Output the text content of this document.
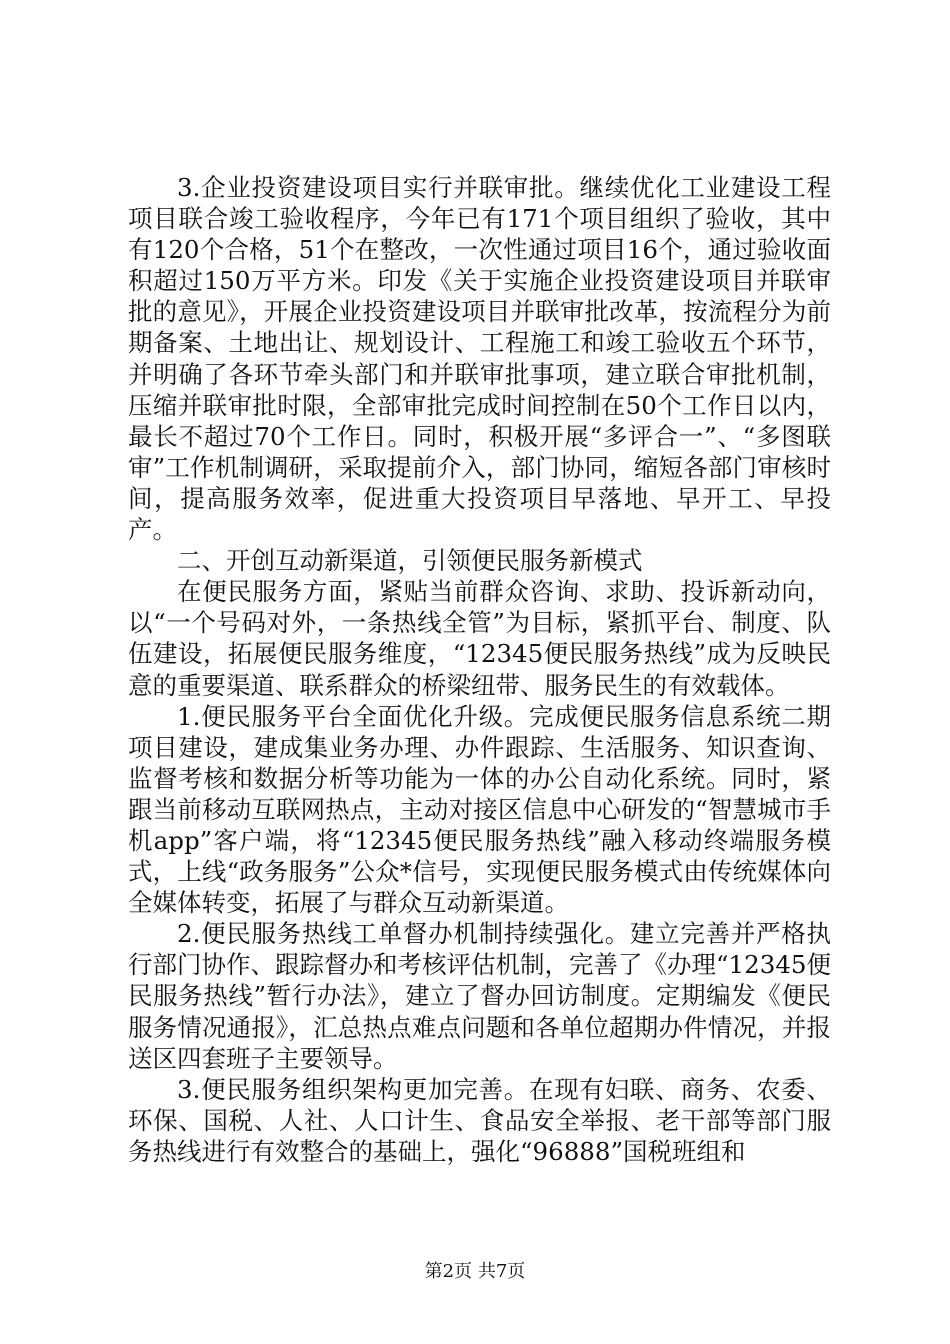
3.企业投资建设项目实行并联审批。继续优化工业建设工程项目联合竣工验收程序，今年已有171个项目组织了验收，其中有120个合格，51个在整改，一次性通过项目16个，通过验收面积超过150万平方米。印发《关于实施企业投资建设项目并联审批的意见》，开展企业投资建设项目并联审批改革，按流程分为前期备案、土地出让、规划设计、工程施工和竣工验收五个环节，并明确了各环节牵头部门和并联审批事项，建立联合审批机制，压缩并联审批时限，全部审批完成时间控制在50个工作日以内，最长不超过70个工作日。同时，积极开展“多评合一”、“多图联审”工作机制调研，采取提前介入，部门协同，缩短各部门审核时间，提高服务效率，促进重大投资项目早落地、早开工、早投产。

二、开创互动新渠道，引领便民服务新模式

在便民服务方面，紧贴当前群众咨询、求助、投诉新动向，以“一个号码对外，一条热线全管”为目标，紧抓平台、制度、队伍建设，拓展便民服务维度，“12345便民服务热线”成为反映民意的重要渠道、联系群众的桥梁纽带、服务民生的有效载体。

1.便民服务平台全面优化升级。完成便民服务信息系统二期项目建设，建成集业务办理、办件跟踪、生活服务、知识查询、监督考核和数据分析等功能为一体的办公自动化系统。同时，紧跟当前移动互联网热点，主动对接区信息中心研发的“智慧城市手机app”客户端，将“12345便民服务热线”融入移动终端服务模式，上线“政务服务”公众*信号，实现便民服务模式由传统媒体向全媒体转变，拓展了与群众互动新渠道。

2.便民服务热线工单督办机制持续强化。建立完善并严格执行部门协作、跟踪督办和考核评估机制，完善了《办理“12345便民服务热线”暂行办法》，建立了督办回访制度。定期编发《便民服务情况通报》，汇总热点难点问题和各单位超期办件情况，并报送区四套班子主要领导。

3.便民服务组织架构更加完善。在现有妇联、商务、农委、环保、国税、人社、人口计生、食品安全举报、老干部等部门服务热线进行有效整合的基础上，强化“96888”国税班组和

第2页 共7页
